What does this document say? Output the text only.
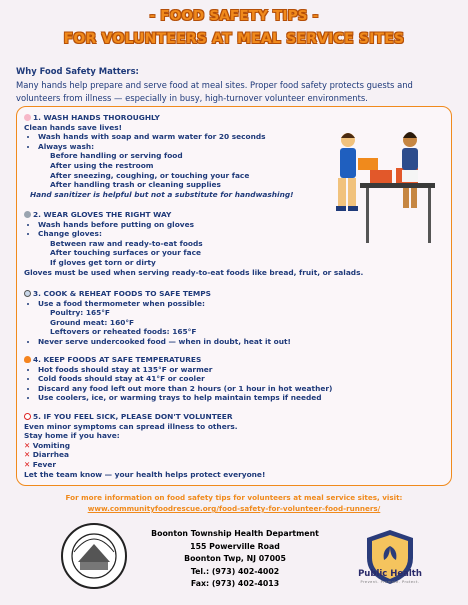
- FOOD SAFETY TIPS -
FOR VOLUNTEERS AT MEAL SERVICE SITES
Why Food Safety Matters:
Many hands help prepare and serve food at meal sites. Proper food safety protects guests and volunteers from illness — especially in busy, high-turnover volunteer environments.
1. WASH HANDS THOROUGHLY
Clean hands save lives!
• Wash hands with soap and warm water for 20 seconds
• Always wash:
Before handling or serving food
After using the restroom
After sneezing, coughing, or touching your face
After handling trash or cleaning supplies
Hand sanitizer is helpful but not a substitute for handwashing!
2. WEAR GLOVES THE RIGHT WAY
• Wash hands before putting on gloves
• Change gloves:
Between raw and ready-to-eat foods
After touching surfaces or your face
If gloves get torn or dirty
Gloves must be used when serving ready-to-eat foods like bread, fruit, or salads.
3. COOK & REHEAT FOODS TO SAFE TEMPS
• Use a food thermometer when possible:
Poultry: 165°F
Ground meat: 160°F
Leftovers or reheated foods: 165°F
• Never serve undercooked food — when in doubt, heat it out!
4. KEEP FOODS AT SAFE TEMPERATURES
• Hot foods should stay at 135°F or warmer
• Cold foods should stay at 41°F or cooler
• Discard any food left out more than 2 hours (or 1 hour in hot weather)
• Use coolers, ice, or warming trays to help maintain temps if needed
5. IF YOU FEEL SICK, PLEASE DON'T VOLUNTEER
Even minor symptoms can spread illness to others.
Stay home if you have:
✕ Vomiting
✕ Diarrhea
✕ Fever
Let the team know — your health helps protect everyone!
For more information on food safety tips for volunteers at meal service sites, visit:
www.communityfoodrescue.org/food-safety-for-volunteer-food-runners/
Boonton Township Health Department
155 Powerville Road
Boonton Twp, NJ 07005
Tel.: (973) 402-4002
Fax: (973) 402-4013
Public Health
Prevent. Promote. Protect.
